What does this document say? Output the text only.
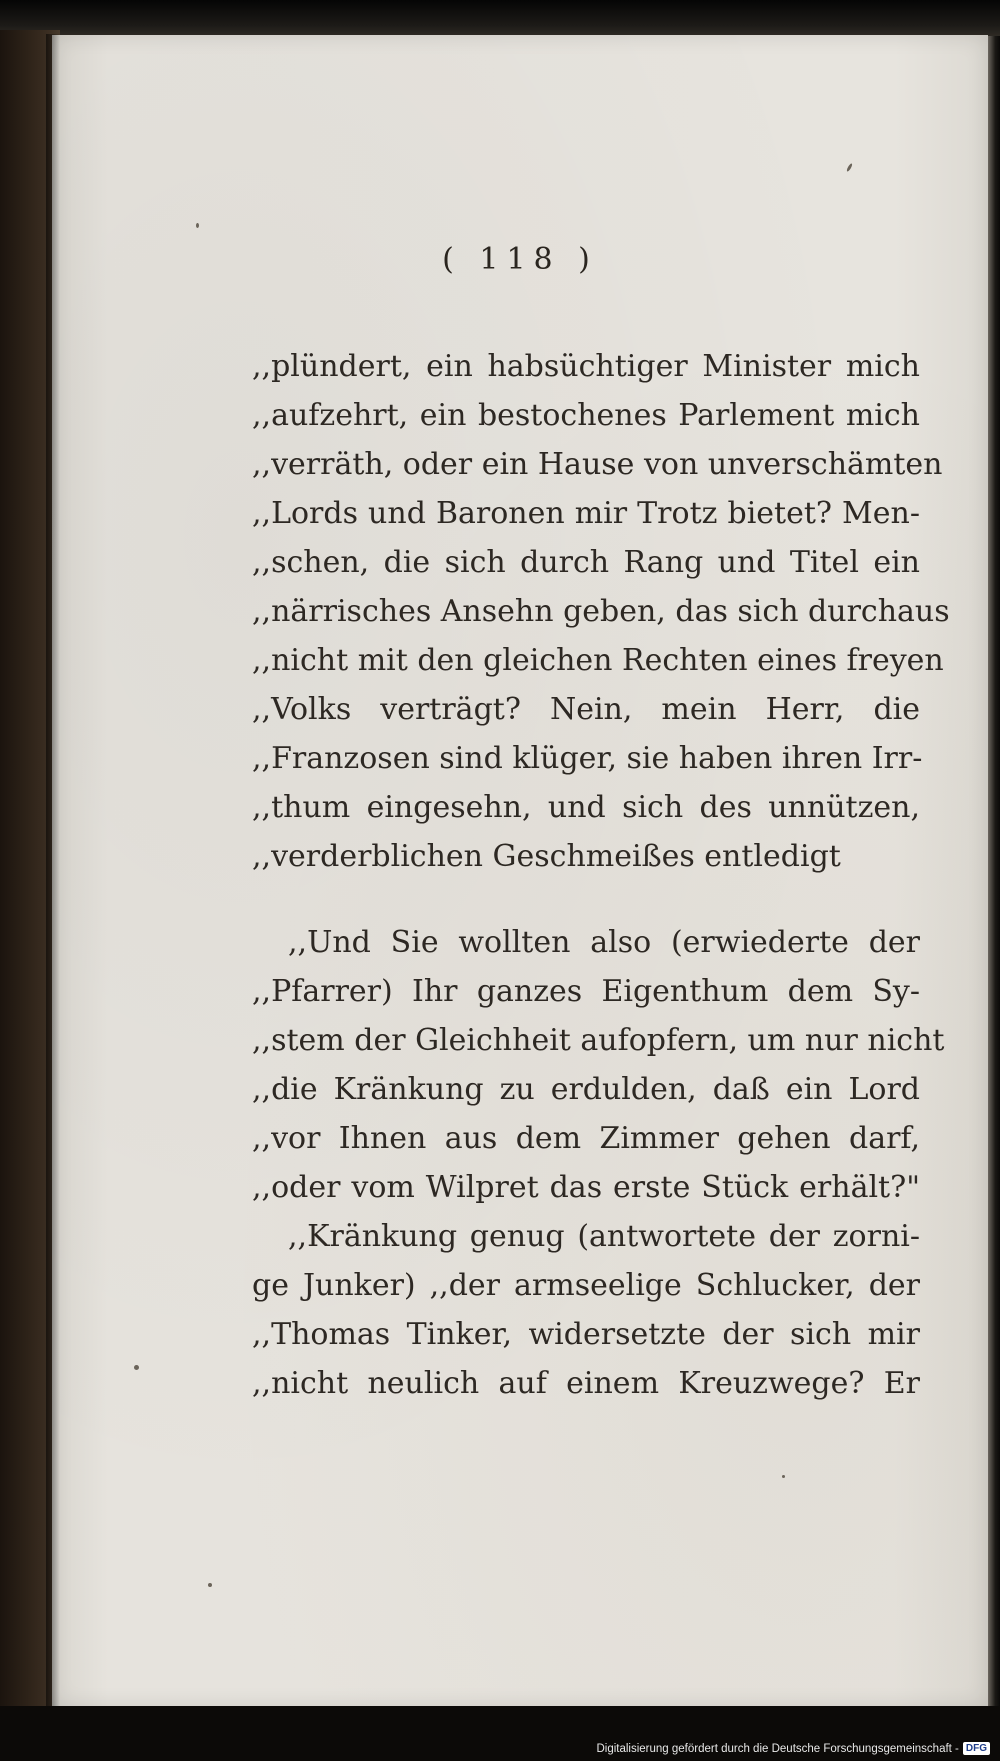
( 118 )
,,plündert, ein habsüchtiger Minister mich
,,aufzehrt, ein bestochenes Parlement mich
,,verräth, oder ein Hause von unverschämten
,,Lords und Baronen mir Trotz bietet? Men-
,,schen, die sich durch Rang und Titel ein
,,närrisches Ansehn geben, das sich durchaus
,,nicht mit den gleichen Rechten eines freyen
,,Volks verträgt? Nein, mein Herr, die
,,Franzosen sind klüger, sie haben ihren Irr-
,,thum eingesehn, und sich des unnützen,
,,verderblichen Geschmeißes entledigt
,,Und Sie wollten also (erwiederte der
,,Pfarrer) Ihr ganzes Eigenthum dem Sy-
,,stem der Gleichheit aufopfern, um nur nicht
,,die Kränkung zu erdulden, daß ein Lord
,,vor Ihnen aus dem Zimmer gehen darf,
,,oder vom Wilpret das erste Stück erhält?"
,,Kränkung genug (antwortete der zorni-
ge Junker) ,,der armseelige Schlucker, der
,,Thomas Tinker, widersetzte der sich mir
,,nicht neulich auf einem Kreuzwege? Er
Digitalisierung gefördert durch die Deutsche Forschungsgemeinschaft - DFG
